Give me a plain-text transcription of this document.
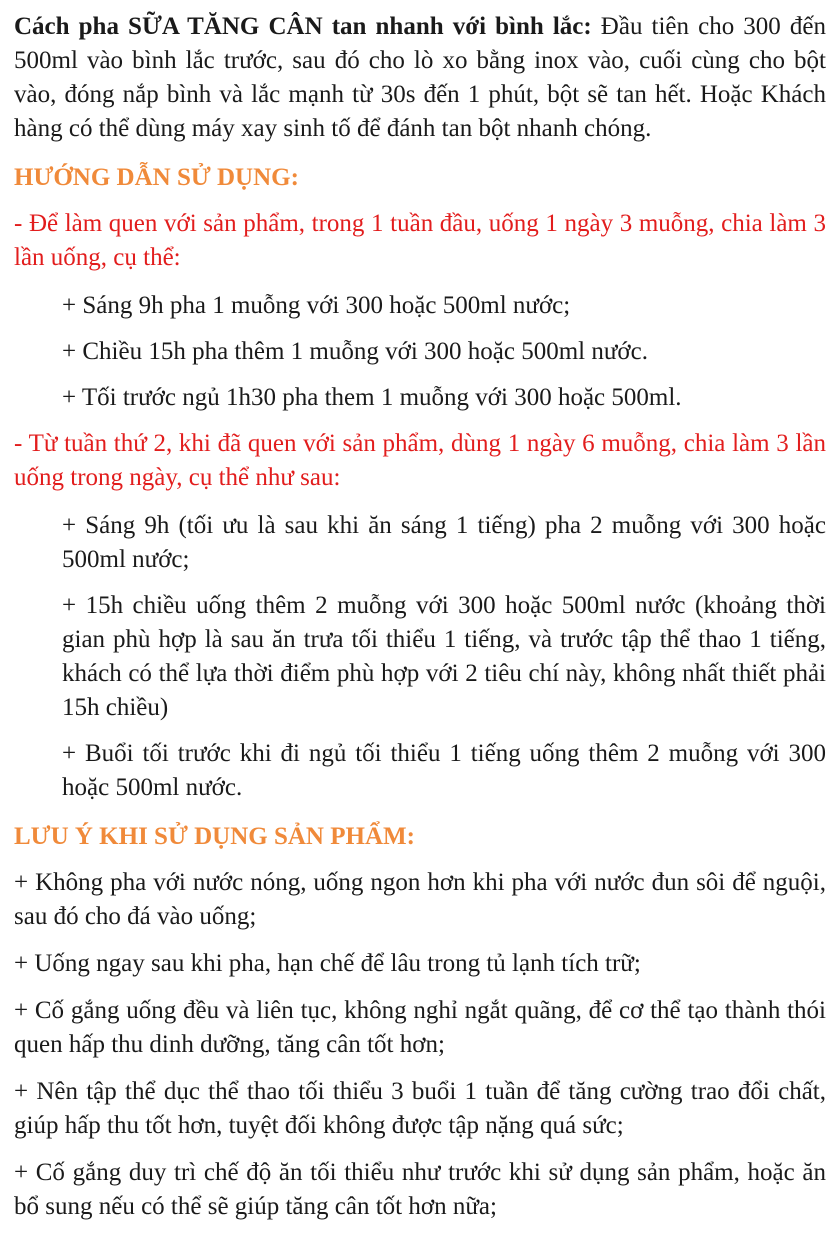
Cách pha SỮA TĂNG CÂN tan nhanh với bình lắc: Đầu tiên cho 300 đến 500ml vào bình lắc trước, sau đó cho lò xo bằng inox vào, cuối cùng cho bột vào, đóng nắp bình và lắc mạnh từ 30s đến 1 phút, bột sẽ tan hết. Hoặc Khách hàng có thể dùng máy xay sinh tố để đánh tan bột nhanh chóng.

HƯỚNG DẪN SỬ DỤNG:

- Để làm quen với sản phẩm, trong 1 tuần đầu, uống 1 ngày 3 muỗng, chia làm 3 lần uống, cụ thể:

+ Sáng 9h pha 1 muỗng với 300 hoặc 500ml nước;

+ Chiều 15h pha thêm 1 muỗng với 300 hoặc 500ml nước.

+ Tối trước ngủ 1h30 pha them 1 muỗng với 300 hoặc 500ml.

- Từ tuần thứ 2, khi đã quen với sản phẩm, dùng 1 ngày 6 muỗng, chia làm 3 lần uống trong ngày, cụ thể như sau:

+ Sáng 9h (tối ưu là sau khi ăn sáng 1 tiếng) pha 2 muỗng với 300 hoặc 500ml nước;

+ 15h chiều uống thêm 2 muỗng với 300 hoặc 500ml nước (khoảng thời gian phù hợp là sau ăn trưa tối thiểu 1 tiếng, và trước tập thể thao 1 tiếng, khách có thể lựa thời điểm phù hợp với 2 tiêu chí này, không nhất thiết phải 15h chiều)

+ Buổi tối trước khi đi ngủ tối thiểu 1 tiếng uống thêm 2 muỗng với 300 hoặc 500ml nước.

LƯU Ý KHI SỬ DỤNG SẢN PHẨM:

+ Không pha với nước nóng, uống ngon hơn khi pha với nước đun sôi để nguội, sau đó cho đá vào uống;

+ Uống ngay sau khi pha, hạn chế để lâu trong tủ lạnh tích trữ;

+ Cố gắng uống đều và liên tục, không nghỉ ngắt quãng, để cơ thể tạo thành thói quen hấp thu dinh dưỡng, tăng cân tốt hơn;

+ Nên tập thể dục thể thao tối thiểu 3 buổi 1 tuần để tăng cường trao đổi chất, giúp hấp thu tốt hơn, tuyệt đối không được tập nặng quá sức;

+ Cố gắng duy trì chế độ ăn tối thiểu như trước khi sử dụng sản phẩm, hoặc ăn bổ sung nếu có thể sẽ giúp tăng cân tốt hơn nữa;
